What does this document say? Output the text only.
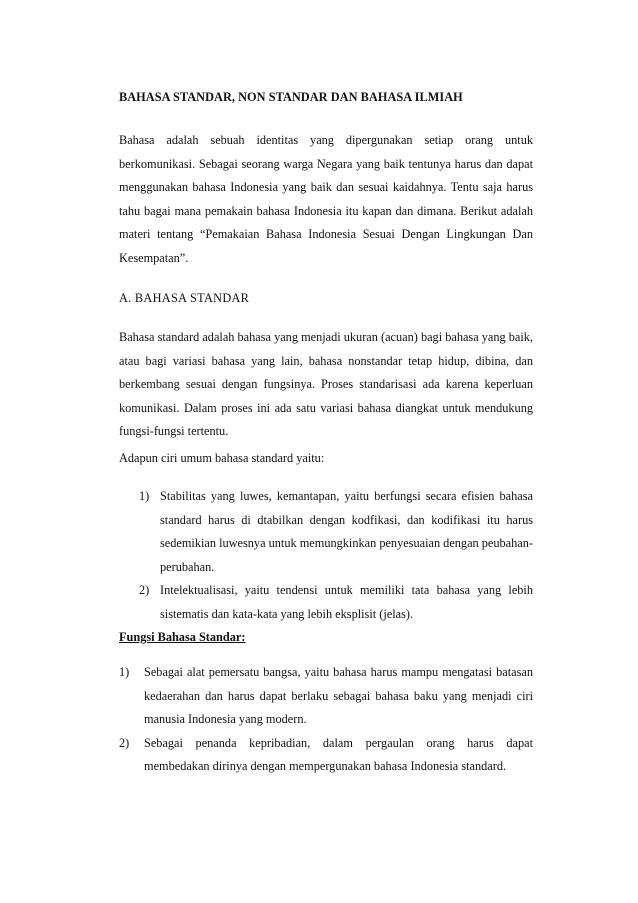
BAHASA STANDAR, NON STANDAR DAN BAHASA ILMIAH

Bahasa adalah sebuah identitas yang dipergunakan setiap orang untuk berkomunikasi. Sebagai seorang warga Negara yang baik tentunya harus dan dapat menggunakan bahasa Indonesia yang baik dan sesuai kaidahnya. Tentu saja harus tahu bagai mana pemakain bahasa Indonesia itu kapan dan dimana. Berikut adalah materi tentang “Pemakaian Bahasa Indonesia Sesuai Dengan Lingkungan Dan Kesempatan”.

A. BAHASA STANDAR

Bahasa standard adalah bahasa yang menjadi ukuran (acuan) bagi bahasa yang baik, atau bagi variasi bahasa yang lain, bahasa nonstandar tetap hidup, dibina, dan berkembang sesuai dengan fungsinya. Proses standarisasi ada karena keperluan komunikasi. Dalam proses ini ada satu variasi bahasa diangkat untuk mendukung fungsi-fungsi tertentu.

Adapun ciri umum bahasa standard yaitu:

1) Stabilitas yang luwes, kemantapan, yaitu berfungsi secara efisien bahasa standard harus di dtabilkan dengan kodfikasi, dan kodifikasi itu harus sedemikian luwesnya untuk memungkinkan penyesuaian dengan peubahan-perubahan.
2) Intelektualisasi, yaitu tendensi untuk memiliki tata bahasa yang lebih sistematis dan kata-kata yang lebih eksplisit (jelas).
Fungsi Bahasa Standar:
1) Sebagai alat pemersatu bangsa, yaitu bahasa harus mampu mengatasi batasan kedaerahan dan harus dapat berlaku sebagai bahasa baku yang menjadi ciri manusia Indonesia yang modern.
2) Sebagai penanda kepribadian, dalam pergaulan orang harus dapat membedakan dirinya dengan mempergunakan bahasa Indonesia standard.
